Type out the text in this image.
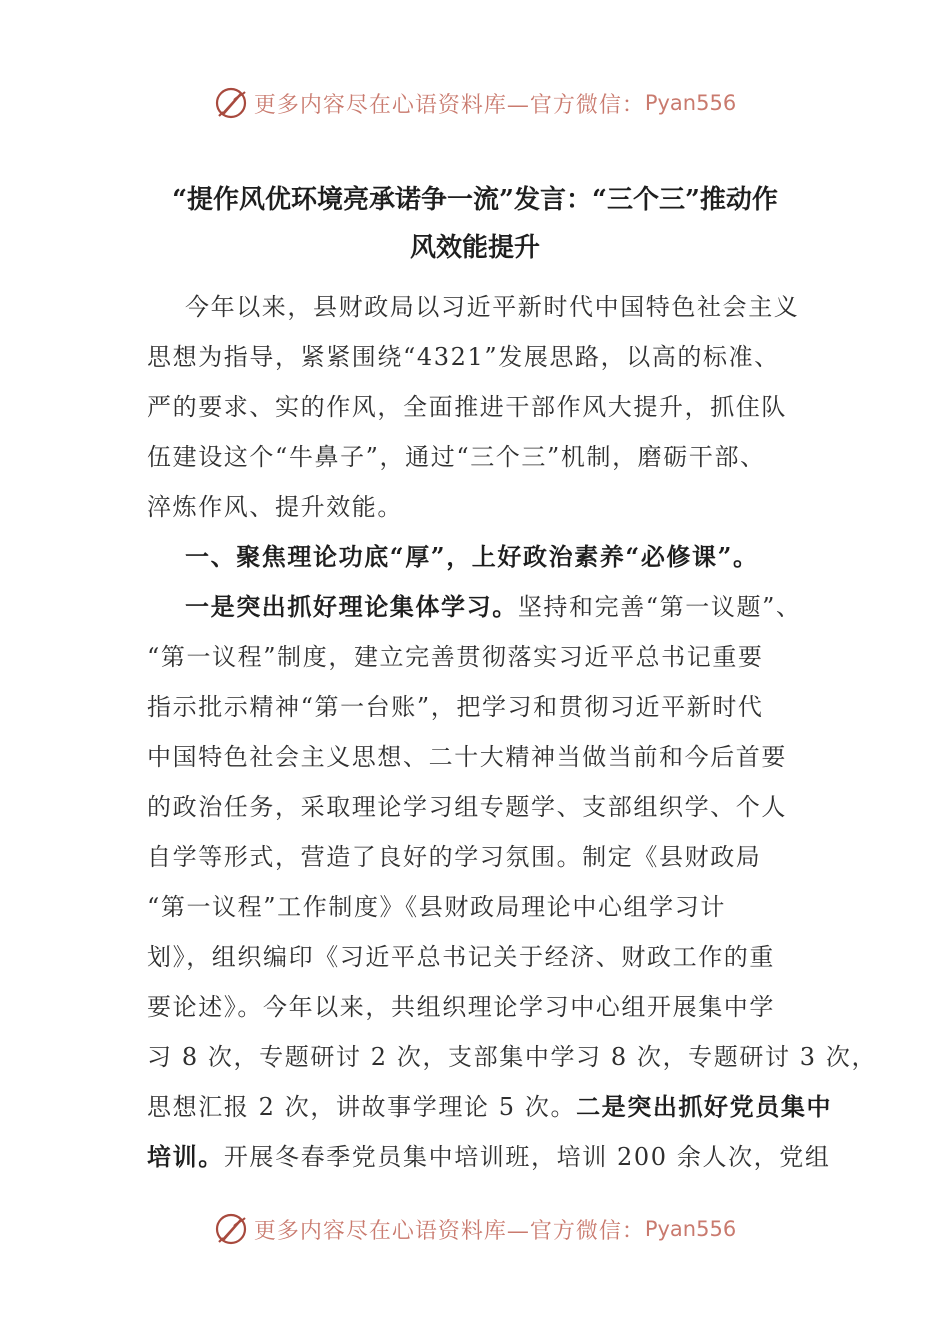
更多内容尽在心语资料库—官方微信： Pyan556
“提作风优环境亮承诺争一流”发言：“三个三”推动作
风效能提升
今年以来，县财政局以习近平新时代中国特色社会主义
思想为指导，紧紧围绕“4321”发展思路，以高的标准、
严的要求、实的作风，全面推进干部作风大提升，抓住队
伍建设这个“牛鼻子”，通过“三个三”机制，磨砺干部、
淬炼作风、提升效能。
一、聚焦理论功底“厚”，上好政治素养“必修课”。
一是突出抓好理论集体学习。坚持和完善“第一议题”、
“第一议程”制度，建立完善贯彻落实习近平总书记重要
指示批示精神“第一台账”，把学习和贯彻习近平新时代
中国特色社会主义思想、二十大精神当做当前和今后首要
的政治任务，采取理论学习组专题学、支部组织学、个人
自学等形式，营造了良好的学习氛围。制定《县财政局
“第一议程”工作制度》《县财政局理论中心组学习计
划》，组织编印《习近平总书记关于经济、财政工作的重
要论述》。今年以来，共组织理论学习中心组开展集中学
习 8 次，专题研讨 2 次，支部集中学习 8 次，专题研讨 3 次，
思想汇报 2 次，讲故事学理论 5 次。二是突出抓好党员集中
培训。开展冬春季党员集中培训班，培训 200 余人次，党组
更多内容尽在心语资料库—官方微信： Pyan556
